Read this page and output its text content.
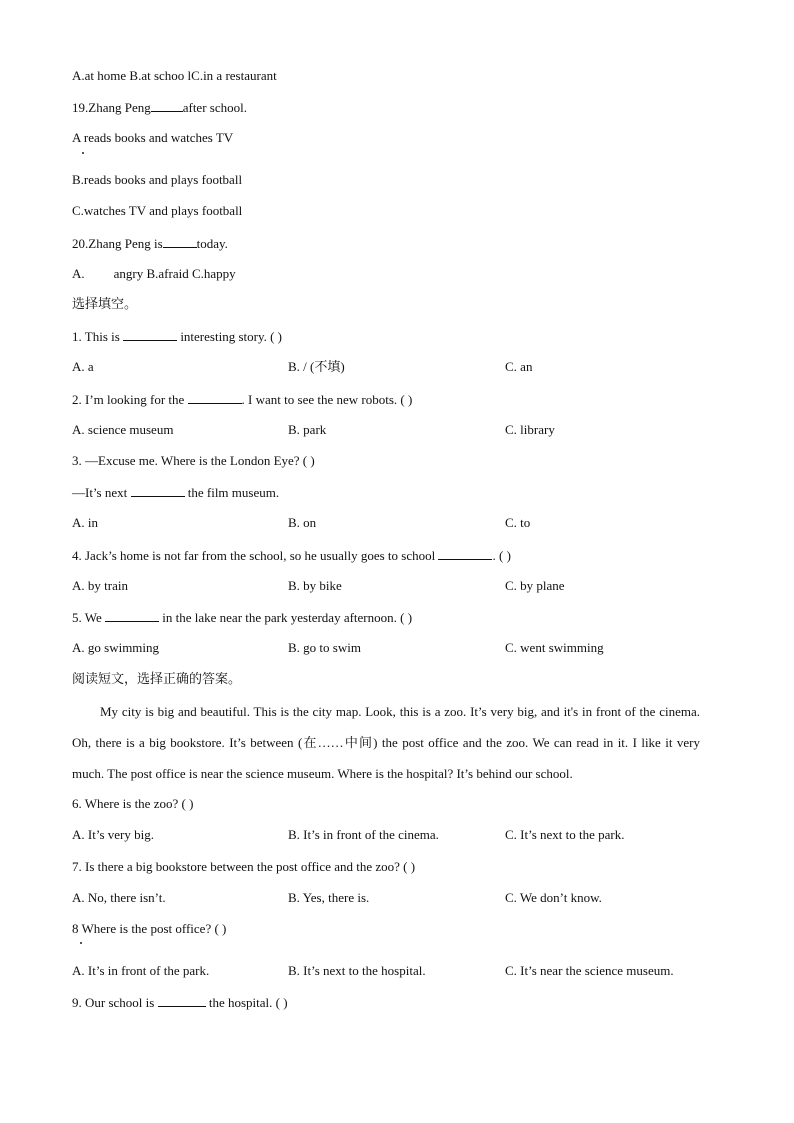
A.at home B.at schoo lC.in a restaurant
19.Zhang Peng after school.
A reads books and watches TV
B.reads books and plays football
C.watches TV and plays football
20.Zhang Peng is	today.
A. angry B.afraid C.happy
选择填空。
1. This is	interesting story. ( )
A. a	B. / (不填)	C. an
2. I’m looking for the	. I want to see the new robots. ( )
A. science museum	B. park	C. library
3. —Excuse me. Where is the London Eye? ( )
—It’s next	the film museum.
A. in	B. on	C. to
4. Jack’s home is not far from the school, so he usually goes to school	. ( )
A. by train	B. by bike	C. by plane
5. We	in the lake near the park yesterday afternoon. ( )
A. go swimming	B. go to swim	C. went swimming
阅读短文，选择正确的答案。
My city is big and beautiful. This is the city map. Look, this is a zoo. It’s very big, and it's in front of the cinema. Oh, there is a big bookstore. It’s between (在……中间) the post office and the zoo. We can read in it. I like it very much. The post office is near the science museum. Where is the hospital? It’s behind our school.
6. Where is the zoo? ( )
A. It’s very big.	B. It’s in front of the cinema.	C. It’s next to the park.
7. Is there a big bookstore between the post office and the zoo? ( )
A. No, there isn’t.	B. Yes, there is.	C. We don’t know.
8 Where is the post office? ( )
A. It’s in front of the park.	B. It’s next to the hospital.	C. It’s near the science museum.
9. Our school is	the hospital. ( )
